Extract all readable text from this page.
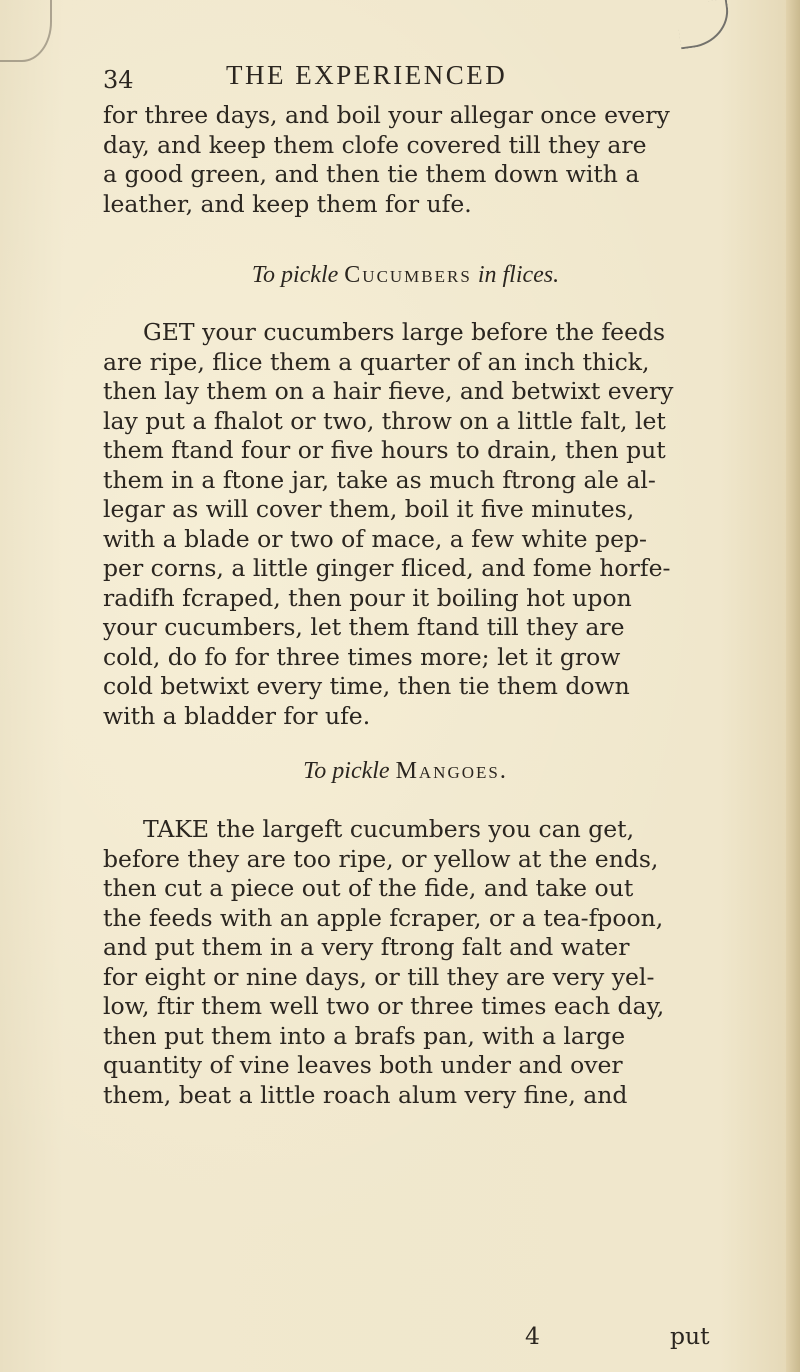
34	THE EXPERIENCED
for three days, and boil your allegar once every
day, and keep them clofe covered till they are
a good green, and then tie them down with a
leather, and keep them for ufe.
To pickle Cucumbers in flices.
GET your cucumbers large before the feeds
are ripe, flice them a quarter of an inch thick,
then lay them on a hair fieve, and betwixt every
lay put a fhalot or two, throw on a little falt, let
them ftand four or five hours to drain, then put
them in a ftone jar, take as much ftrong ale al-
legar as will cover them, boil it five minutes,
with a blade or two of mace, a few white pep-
per corns, a little ginger fliced, and fome horfe-
radifh fcraped, then pour it boiling hot upon
your cucumbers, let them ftand till they are
cold, do fo for three times more; let it grow
cold betwixt every time, then tie them down
with a bladder for ufe.
To pickle Mangoes.
TAKE the largeft cucumbers you can get,
before they are too ripe, or yellow at the ends,
then cut a piece out of the fide, and take out
the feeds with an apple fcraper, or a tea-fpoon,
and put them in a very ftrong falt and water
for eight or nine days, or till they are very yel-
low, ftir them well two or three times each day,
then put them into a brafs pan, with a large
quantity of vine leaves both under and over
them, beat a little roach alum very fine, and
4	put
